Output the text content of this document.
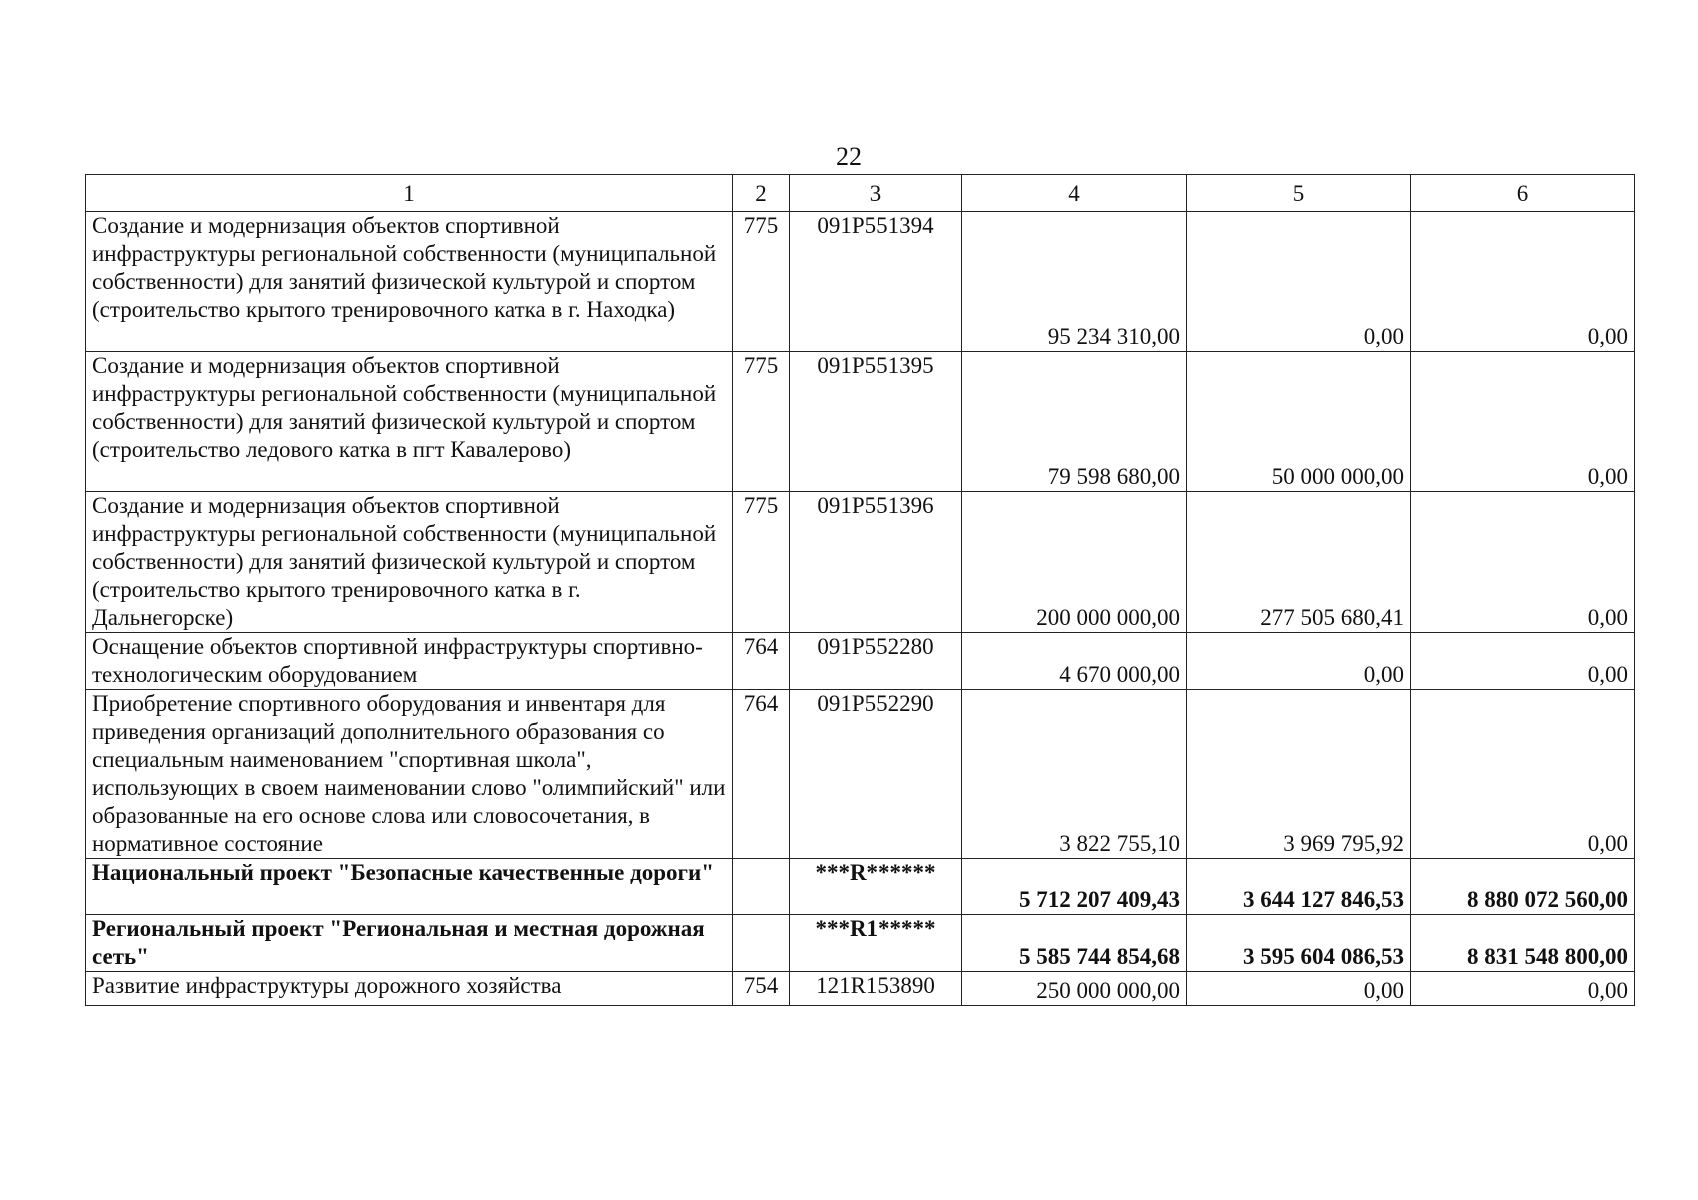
22
1	2	3	4	5	6
Создание и модернизация объектов спортивной инфраструктуры региональной собственности (муниципальной собственности) для занятий физической культурой и спортом (строительство крытого тренировочного катка в г. Находка)	775	091P551394	95 234 310,00	0,00	0,00
Создание и модернизация объектов спортивной инфраструктуры региональной собственности (муниципальной собственности) для занятий физической культурой и спортом (строительство ледового катка в пгт Кавалерово)	775	091P551395	79 598 680,00	50 000 000,00	0,00
Создание и модернизация объектов спортивной инфраструктуры региональной собственности (муниципальной собственности) для занятий физической культурой и спортом (строительство крытого тренировочного катка в г. Дальнегорске)	775	091P551396	200 000 000,00	277 505 680,41	0,00
Оснащение объектов спортивной инфраструктуры спортивно-технологическим оборудованием	764	091P552280	4 670 000,00	0,00	0,00
Приобретение спортивного оборудования и инвентаря для приведения организаций дополнительного образования со специальным наименованием "спортивная школа", использующих в своем наименовании слово "олимпийский" или образованные на его основе слова или словосочетания, в нормативное состояние	764	091P552290	3 822 755,10	3 969 795,92	0,00
Национальный проект "Безопасные качественные дороги"		***R******	5 712 207 409,43	3 644 127 846,53	8 880 072 560,00
Региональный проект "Региональная и местная дорожная сеть"		***R1*****	5 585 744 854,68	3 595 604 086,53	8 831 548 800,00
Развитие инфраструктуры дорожного хозяйства	754	121R153890	250 000 000,00	0,00	0,00
